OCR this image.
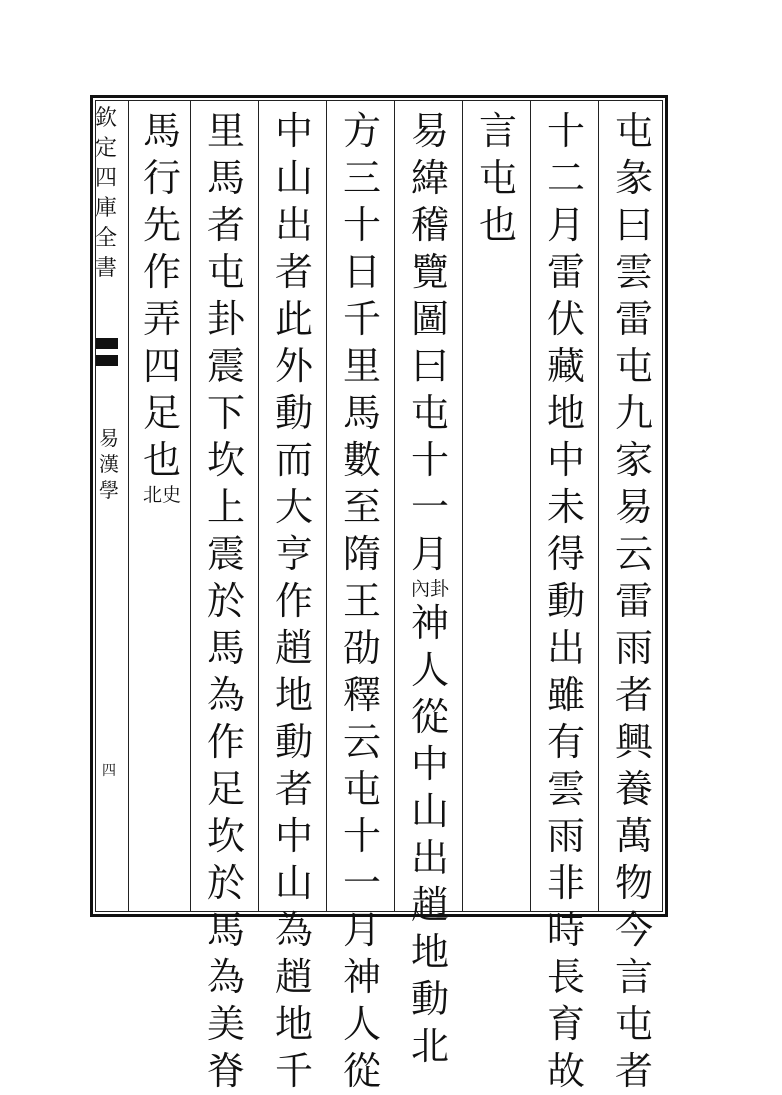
欽
定
四
庫
全
書
易
漢
學
四
屯
彖
曰
雲
雷
屯
九
家
易
云
雷
雨
者
興
養
萬
物
今
言
屯
者
十
二
月
雷
伏
藏
地
中
未
得
動
出
雖
有
雲
雨
非
時
長
育
故
言
屯
也
易
緯
稽
覽
圖
曰
屯
十
一
月
內卦
神
人
從
中
山
出
趙
地
動
北
方
三
十
日
千
里
馬
數
至
隋
王
劭
釋
云
屯
十
一
月
神
人
從
中
山
出
者
此
外
動
而
大
亨
作
趙
地
動
者
中
山
為
趙
地
千
里
馬
者
屯
卦
震
下
坎
上
震
於
馬
為
作
足
坎
於
馬
為
美
脊
馬
行
先
作
弄
四
足
也
北史
